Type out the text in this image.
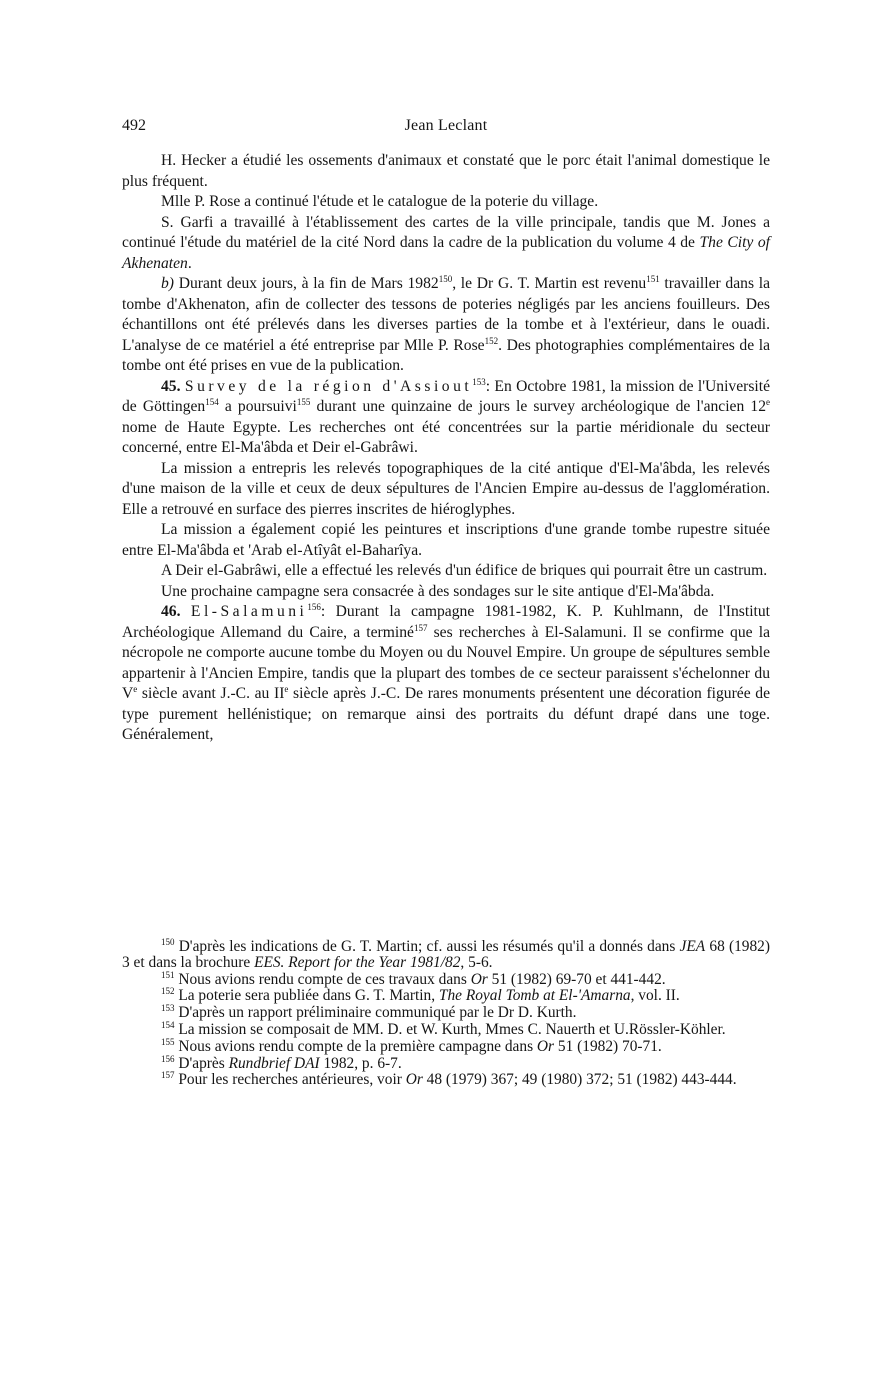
492	Jean Leclant

H. Hecker a étudié les ossements d'animaux et constaté que le porc était l'animal domestique le plus fréquent.

Mlle P. Rose a continué l'étude et le catalogue de la poterie du village.

S. Garfi a travaillé à l'établissement des cartes de la ville principale, tandis que M. Jones a continué l'étude du matériel de la cité Nord dans la cadre de la publication du volume 4 de The City of Akhenaten.

b) Durant deux jours, à la fin de Mars 1982$^{150}$, le Dr G. T. Martin est revenu$^{151}$ travailler dans la tombe d'Akhenaton, afin de collecter des tessons de poteries négligés par les anciens fouilleurs. Des échantillons ont été prélevés dans les diverses parties de la tombe et à l'extérieur, dans le ouadi. L'analyse de ce matériel a été entreprise par Mlle P. Rose$^{152}$. Des photographies complémentaires de la tombe ont été prises en vue de la publication.

45. Survey de la région d'Assiout$^{153}$: En Octobre 1981, la mission de l'Université de Göttingen$^{154}$ a poursuivi$^{155}$ durant une quinzaine de jours le survey archéologique de l'ancien 12e nome de Haute Egypte. Les recherches ont été concentrées sur la partie méridionale du secteur concerné, entre El-Ma'âbda et Deir el-Gabrâwi.

La mission a entrepris les relevés topographiques de la cité antique d'El-Ma'âbda, les relevés d'une maison de la ville et ceux de deux sépultures de l'Ancien Empire au-dessus de l'agglomération. Elle a retrouvé en surface des pierres inscrites de hiéroglyphes.

La mission a également copié les peintures et inscriptions d'une grande tombe rupestre située entre El-Ma'âbda et 'Arab el-Atîyât el-Baharîya.

A Deir el-Gabrâwi, elle a effectué les relevés d'un édifice de briques qui pourrait être un castrum.

Une prochaine campagne sera consacrée à des sondages sur le site antique d'El-Ma'âbda.

46. El-Salamuni$^{156}$: Durant la campagne 1981-1982, K. P. Kuhlmann, de l'Institut Archéologique Allemand du Caire, a terminé$^{157}$ ses recherches à El-Salamuni. Il se confirme que la nécropole ne comporte aucune tombe du Moyen ou du Nouvel Empire. Un groupe de sépultures semble appartenir à l'Ancien Empire, tandis que la plupart des tombes de ce secteur paraissent s'échelonner du Ve siècle avant J.-C. au IIe siècle après J.-C. De rares monuments présentent une décoration figurée de type purement hellénistique; on remarque ainsi des portraits du défunt drapé dans une toge. Généralement,

$^{150}$ D'après les indications de G. T. Martin; cf. aussi les résumés qu'il a donnés dans JEA 68 (1982) 3 et dans la brochure EES. Report for the Year 1981/82, 5-6.

$^{151}$ Nous avions rendu compte de ces travaux dans Or 51 (1982) 69-70 et 441-442.

$^{152}$ La poterie sera publiée dans G. T. Martin, The Royal Tomb at El-'Amarna, vol. II.

$^{153}$ D'après un rapport préliminaire communiqué par le Dr D. Kurth.

$^{154}$ La mission se composait de MM. D. et W. Kurth, Mmes C. Nauerth et U.Rössler-Köhler.

$^{155}$ Nous avions rendu compte de la première campagne dans Or 51 (1982) 70-71.

$^{156}$ D'après Rundbrief DAI 1982, p. 6-7.

$^{157}$ Pour les recherches antérieures, voir Or 48 (1979) 367; 49 (1980) 372; 51 (1982) 443-444.
